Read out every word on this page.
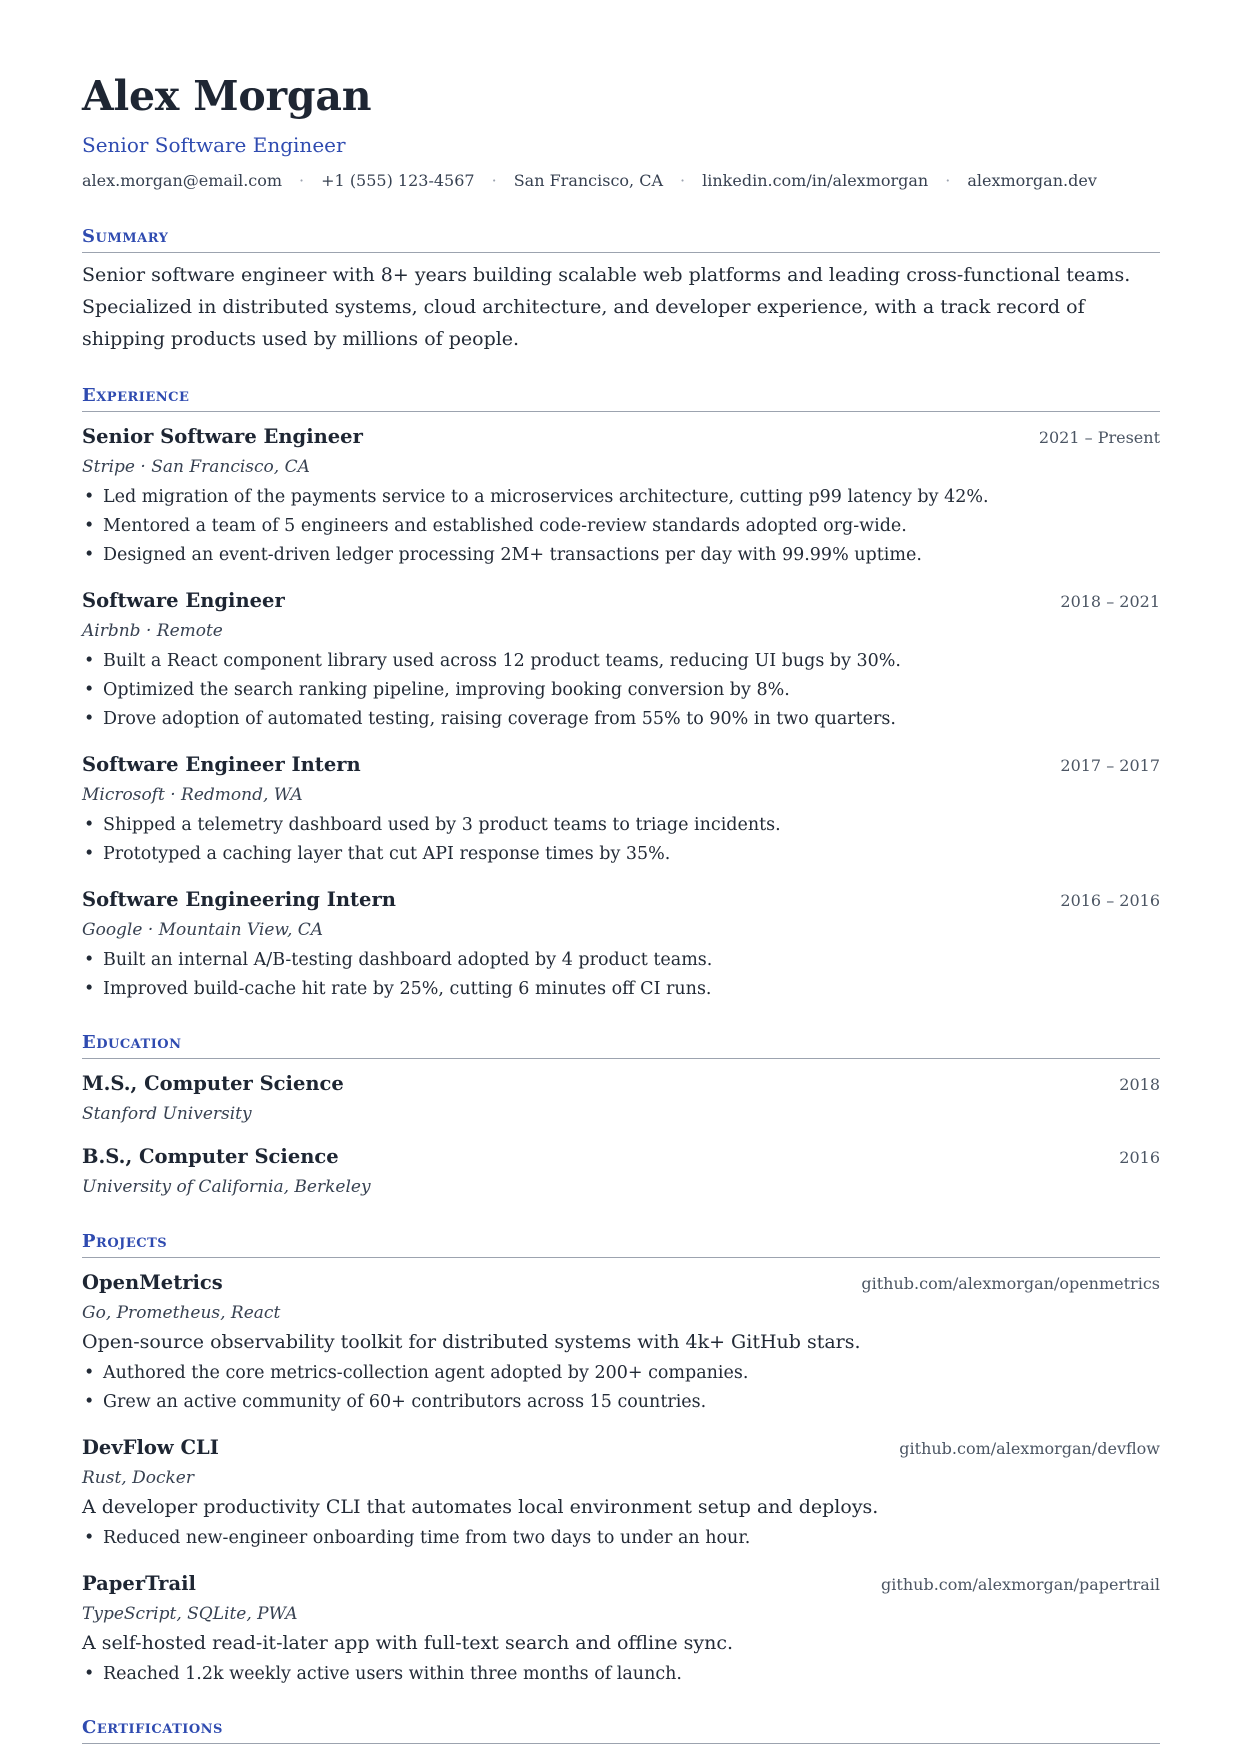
Alex Morgan
Senior Software Engineer
alex.morgan@email.com · +1 (555) 123-4567 · San Francisco, CA · linkedin.com/in/alexmorgan · alexmorgan.dev
Summary

Senior software engineer with 8+ years building scalable web platforms and leading cross-functional teams. Specialized in distributed systems, cloud architecture, and developer experience, with a track record of shipping products used by millions of people.

Experience
Senior Software Engineer	2021 – Present
Stripe · San Francisco, CA
• Led migration of the payments service to a microservices architecture, cutting p99 latency by 42%.
• Mentored a team of 5 engineers and established code-review standards adopted org-wide.
• Designed an event-driven ledger processing 2M+ transactions per day with 99.99% uptime.
Software Engineer	2018 – 2021
Airbnb · Remote
• Built a React component library used across 12 product teams, reducing UI bugs by 30%.
• Optimized the search ranking pipeline, improving booking conversion by 8%.
• Drove adoption of automated testing, raising coverage from 55% to 90% in two quarters.
Software Engineer Intern	2017 – 2017
Microsoft · Redmond, WA
• Shipped a telemetry dashboard used by 3 product teams to triage incidents.
• Prototyped a caching layer that cut API response times by 35%.
Software Engineering Intern	2016 – 2016
Google · Mountain View, CA
• Built an internal A/B-testing dashboard adopted by 4 product teams.
• Improved build-cache hit rate by 25%, cutting 6 minutes off CI runs.
Education
M.S., Computer Science	2018
Stanford University
B.S., Computer Science	2016
University of California, Berkeley
Projects
OpenMetrics	github.com/alexmorgan/openmetrics
Go, Prometheus, React
Open-source observability toolkit for distributed systems with 4k+ GitHub stars.
• Authored the core metrics-collection agent adopted by 200+ companies.
• Grew an active community of 60+ contributors across 15 countries.
DevFlow CLI	github.com/alexmorgan/devflow
Rust, Docker
A developer productivity CLI that automates local environment setup and deploys.
• Reduced new-engineer onboarding time from two days to under an hour.
PaperTrail	github.com/alexmorgan/papertrail
TypeScript, SQLite, PWA
A self-hosted read-it-later app with full-text search and offline sync.
• Reached 1.2k weekly active users within three months of launch.
Certifications
